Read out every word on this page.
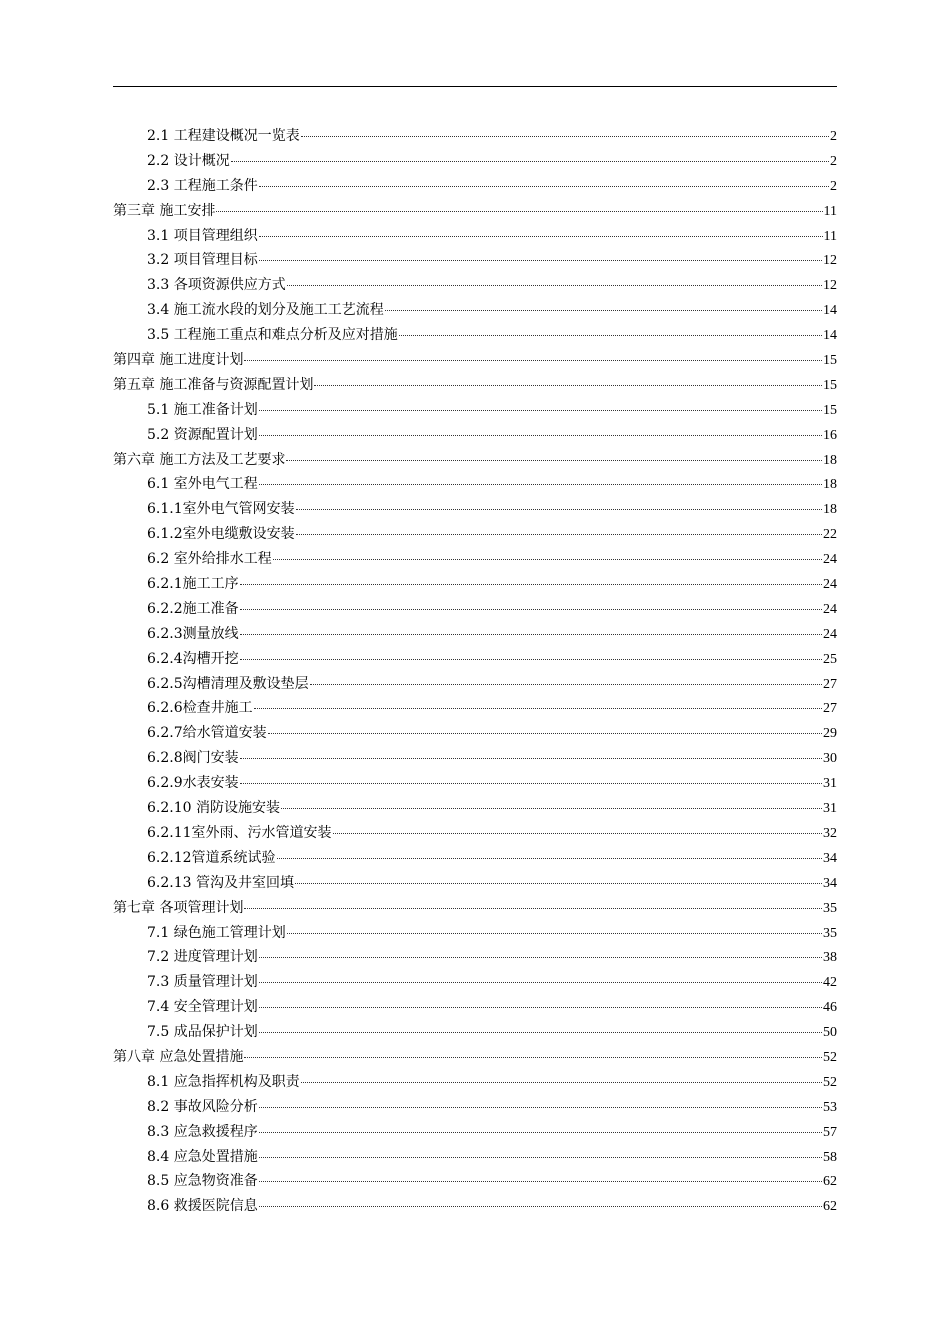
2.1 工程建设概况一览表	2
2.2 设计概况	2
2.3 工程施工条件	2
第三章 施工安排	11
3.1 项目管理组织	11
3.2 项目管理目标	12
3.3 各项资源供应方式	12
3.4 施工流水段的划分及施工工艺流程	14
3.5 工程施工重点和难点分析及应对措施	14
第四章 施工进度计划	15
第五章 施工准备与资源配置计划	15
5.1 施工准备计划	15
5.2 资源配置计划	16
第六章 施工方法及工艺要求	18
6.1 室外电气工程	18
6.1.1室外电气管网安装	18
6.1.2室外电缆敷设安装	22
6.2 室外给排水工程	24
6.2.1施工工序	24
6.2.2施工准备	24
6.2.3测量放线	24
6.2.4沟槽开挖	25
6.2.5沟槽清理及敷设垫层	27
6.2.6检查井施工	27
6.2.7给水管道安装	29
6.2.8阀门安装	30
6.2.9水表安装	31
6.2.10 消防设施安装	31
6.2.11室外雨、污水管道安装	32
6.2.12管道系统试验	34
6.2.13 管沟及井室回填	34
第七章 各项管理计划	35
7.1 绿色施工管理计划	35
7.2 进度管理计划	38
7.3 质量管理计划	42
7.4 安全管理计划	46
7.5 成品保护计划	50
第八章 应急处置措施	52
8.1 应急指挥机构及职责	52
8.2 事故风险分析	53
8.3 应急救援程序	57
8.4 应急处置措施	58
8.5 应急物资准备	62
8.6 救援医院信息	62
